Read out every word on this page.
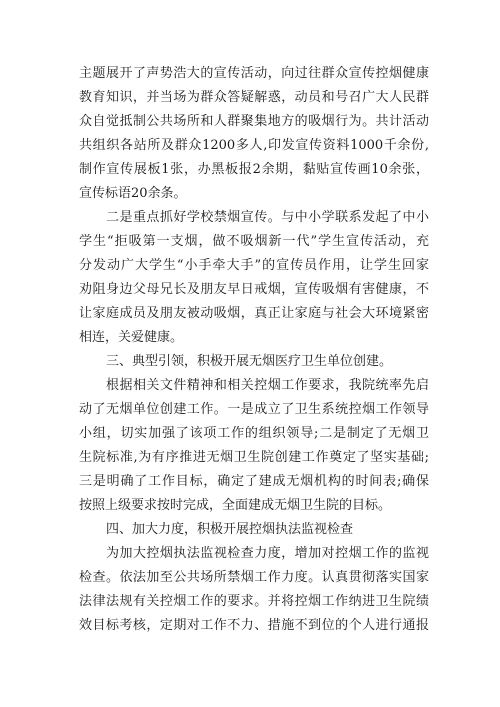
主题展开了声势浩大的宣传活动，向过往群众宣传控烟健康
教育知识，并当场为群众答疑解惑，动员和号召广大人民群
众自觉抵制公共场所和人群聚集地方的吸烟行为。共计活动
共组织各站所及群众1200多人,印发宣传资料1000千余份,
制作宣传展板1张，办黑板报2余期，黏贴宣传画10余张，
宣传标语20余条。
二是重点抓好学校禁烟宣传。与中小学联系发起了中小
学生“拒吸第一支烟，做不吸烟新一代”学生宣传活动，充
分发动广大学生“小手牵大手”的宣传员作用，让学生回家
劝阻身边父母兄长及朋友早日戒烟，宣传吸烟有害健康，不
让家庭成员及朋友被动吸烟，真正让家庭与社会大环境紧密
相连，关爱健康。
三、典型引领，积极开展无烟医疗卫生单位创建。
根据相关文件精神和相关控烟工作要求，我院统率先启
动了无烟单位创建工作。一是成立了卫生系统控烟工作领导
小组，切实加强了该项工作的组织领导;二是制定了无烟卫
生院标准,为有序推进无烟卫生院创建工作奠定了坚实基础;
三是明确了工作目标，确定了建成无烟机构的时间表;确保
按照上级要求按时完成，全面建成无烟卫生院的目标。
四、加大力度，积极开展控烟执法监视检查
为加大控烟执法监视检查力度，增加对控烟工作的监视
检查。依法加至公共场所禁烟工作力度。认真贯彻落实国家
法律法规有关控烟工作的要求。并将控烟工作纳进卫生院绩
效目标考核，定期对工作不力、措施不到位的个人进行通报
